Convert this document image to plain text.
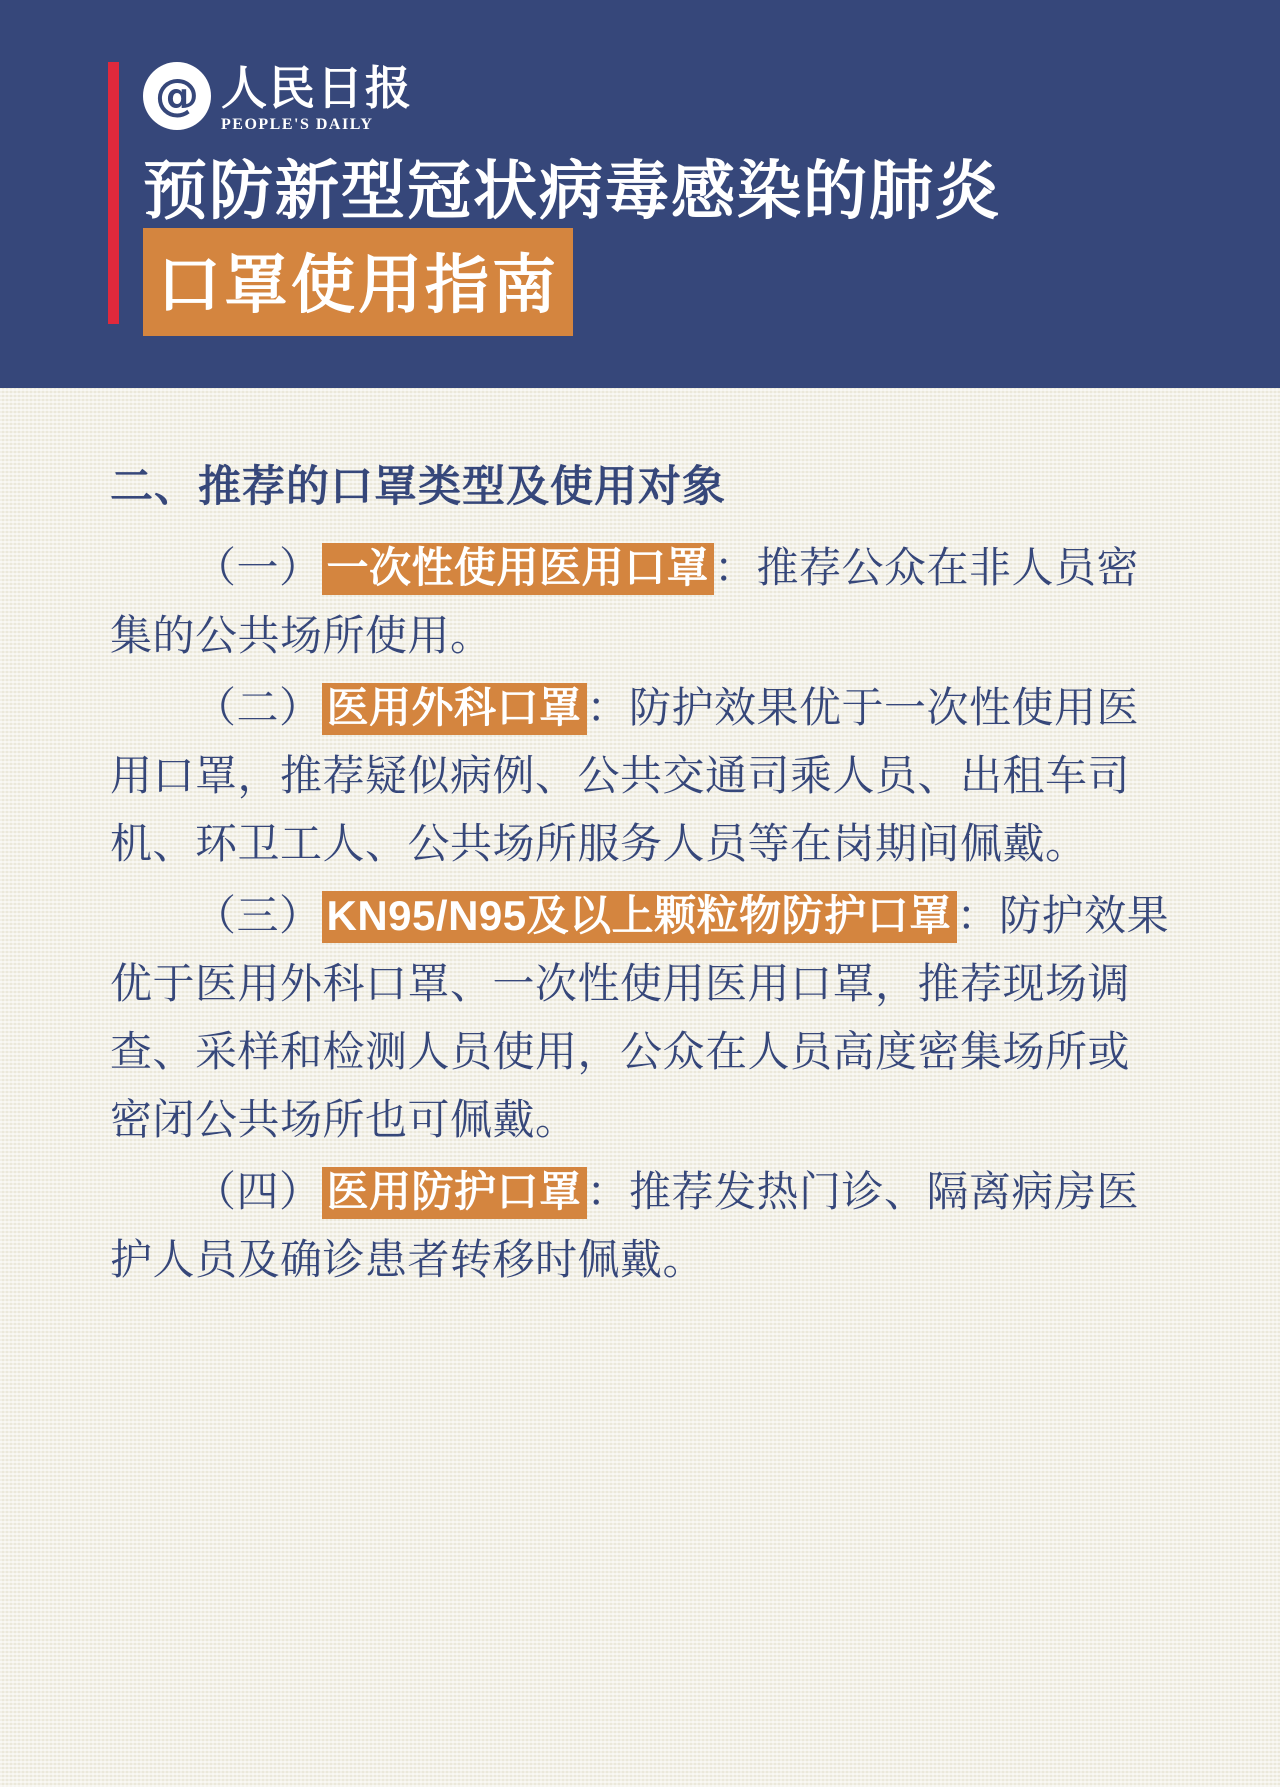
@ 人民日报
PEOPLE'S DAILY
预防新型冠状病毒感染的肺炎
口罩使用指南
二、推荐的口罩类型及使用对象

（一） 一次性使用医用口罩 ：推荐公众在非人员密集的公共场所使用。

（二） 医用外科口罩 ：防护效果优于一次性使用医用口罩，推荐疑似病例、公共交通司乘人员、出租车司机、环卫工人、公共场所服务人员等在岗期间佩戴。

（三） KN95/N95及以上颗粒物防护口罩 ：防护效果优于医用外科口罩、一次性使用医用口罩，推荐现场调查、采样和检测人员使用，公众在人员高度密集场所或密闭公共场所也可佩戴。

（四） 医用防护口罩 ：推荐发热门诊、隔离病房医护人员及确诊患者转移时佩戴。
